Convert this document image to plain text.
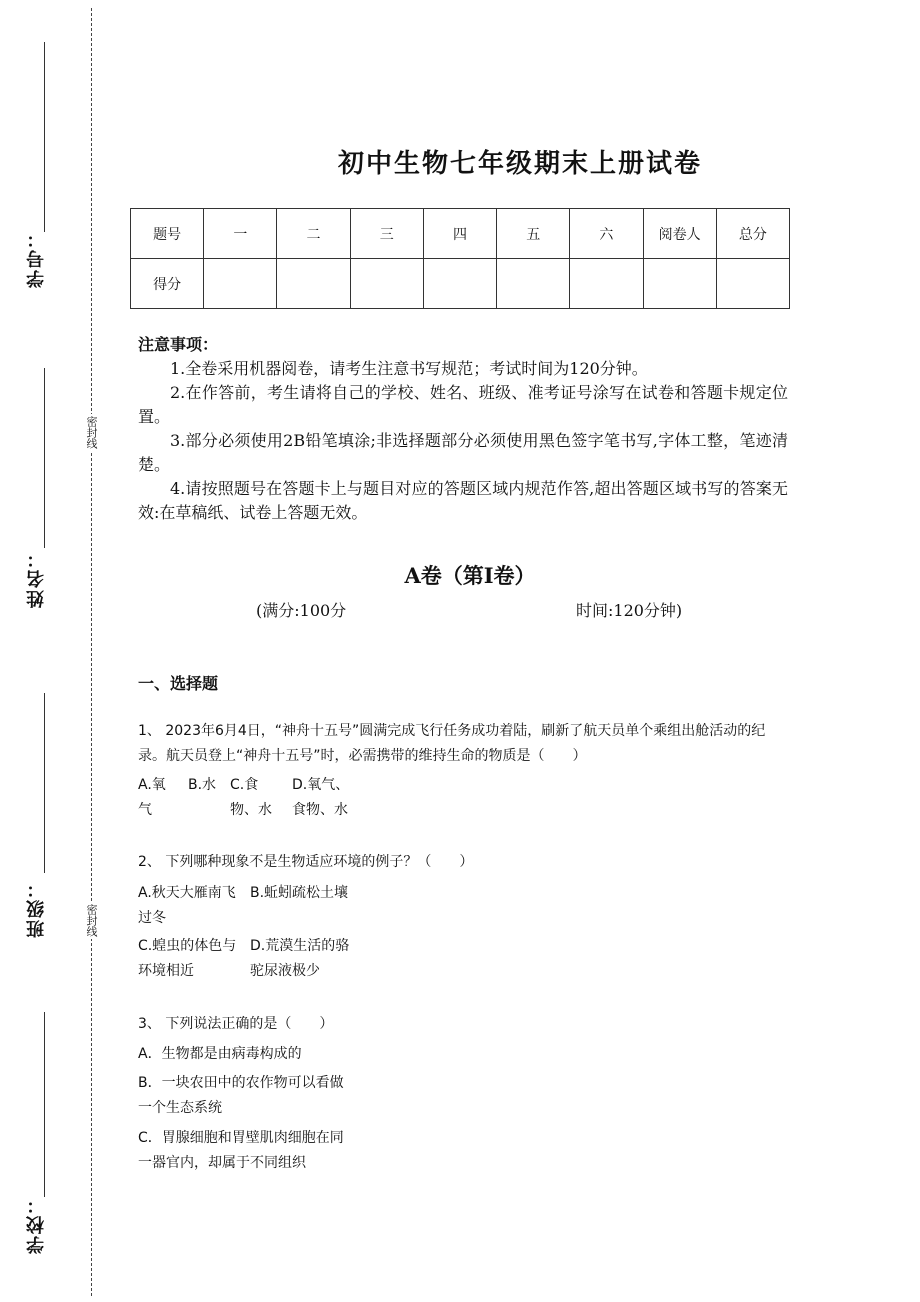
学号：
姓名：
班级：
学校：
密封线
密封线
初中生物七年级期末上册试卷
题号	一	二	三	四	五	六	阅卷人	总分
得分								
注意事项：

1.全卷采用机器阅卷，请考生注意书写规范；考试时间为120分钟。

2.在作答前，考生请将自己的学校、姓名、班级、准考证号涂写在试卷和答题卡规定位置。

3.部分必须使用2B铅笔填涂;非选择题部分必须使用黑色签字笔书写,字体工整，笔迹清楚。

4.请按照题号在答题卡上与题目对应的答题区域内规范作答,超出答题区域书写的答案无效:在草稿纸、试卷上答题无效。

A卷（第I卷）
(满分:100分	时间:120分钟)
一、选择题
1、 2023年6月4日，“神舟十五号”圆满完成飞行任务成功着陆，刷新了航天员单个乘组出舱活动的纪录。航天员登上“神舟十五号”时，必需携带的维持生命的物质是（　　）
A.氧气
B.水 C.食物、水
D.氧气、食物、水
2、 下列哪种现象不是生物适应环境的例子？（　　）
A.秋天大雁南飞过冬
B.蚯蚓疏松土壤
C.蝗虫的体色与环境相近
D.荒漠生活的骆驼尿液极少
3、 下列说法正确的是（　　）
A．生物都是由病毒构成的
B．一块农田中的农作物可以看做一个生态系统
C．胃腺细胞和胃壁肌肉细胞在同一器官内，却属于不同组织
